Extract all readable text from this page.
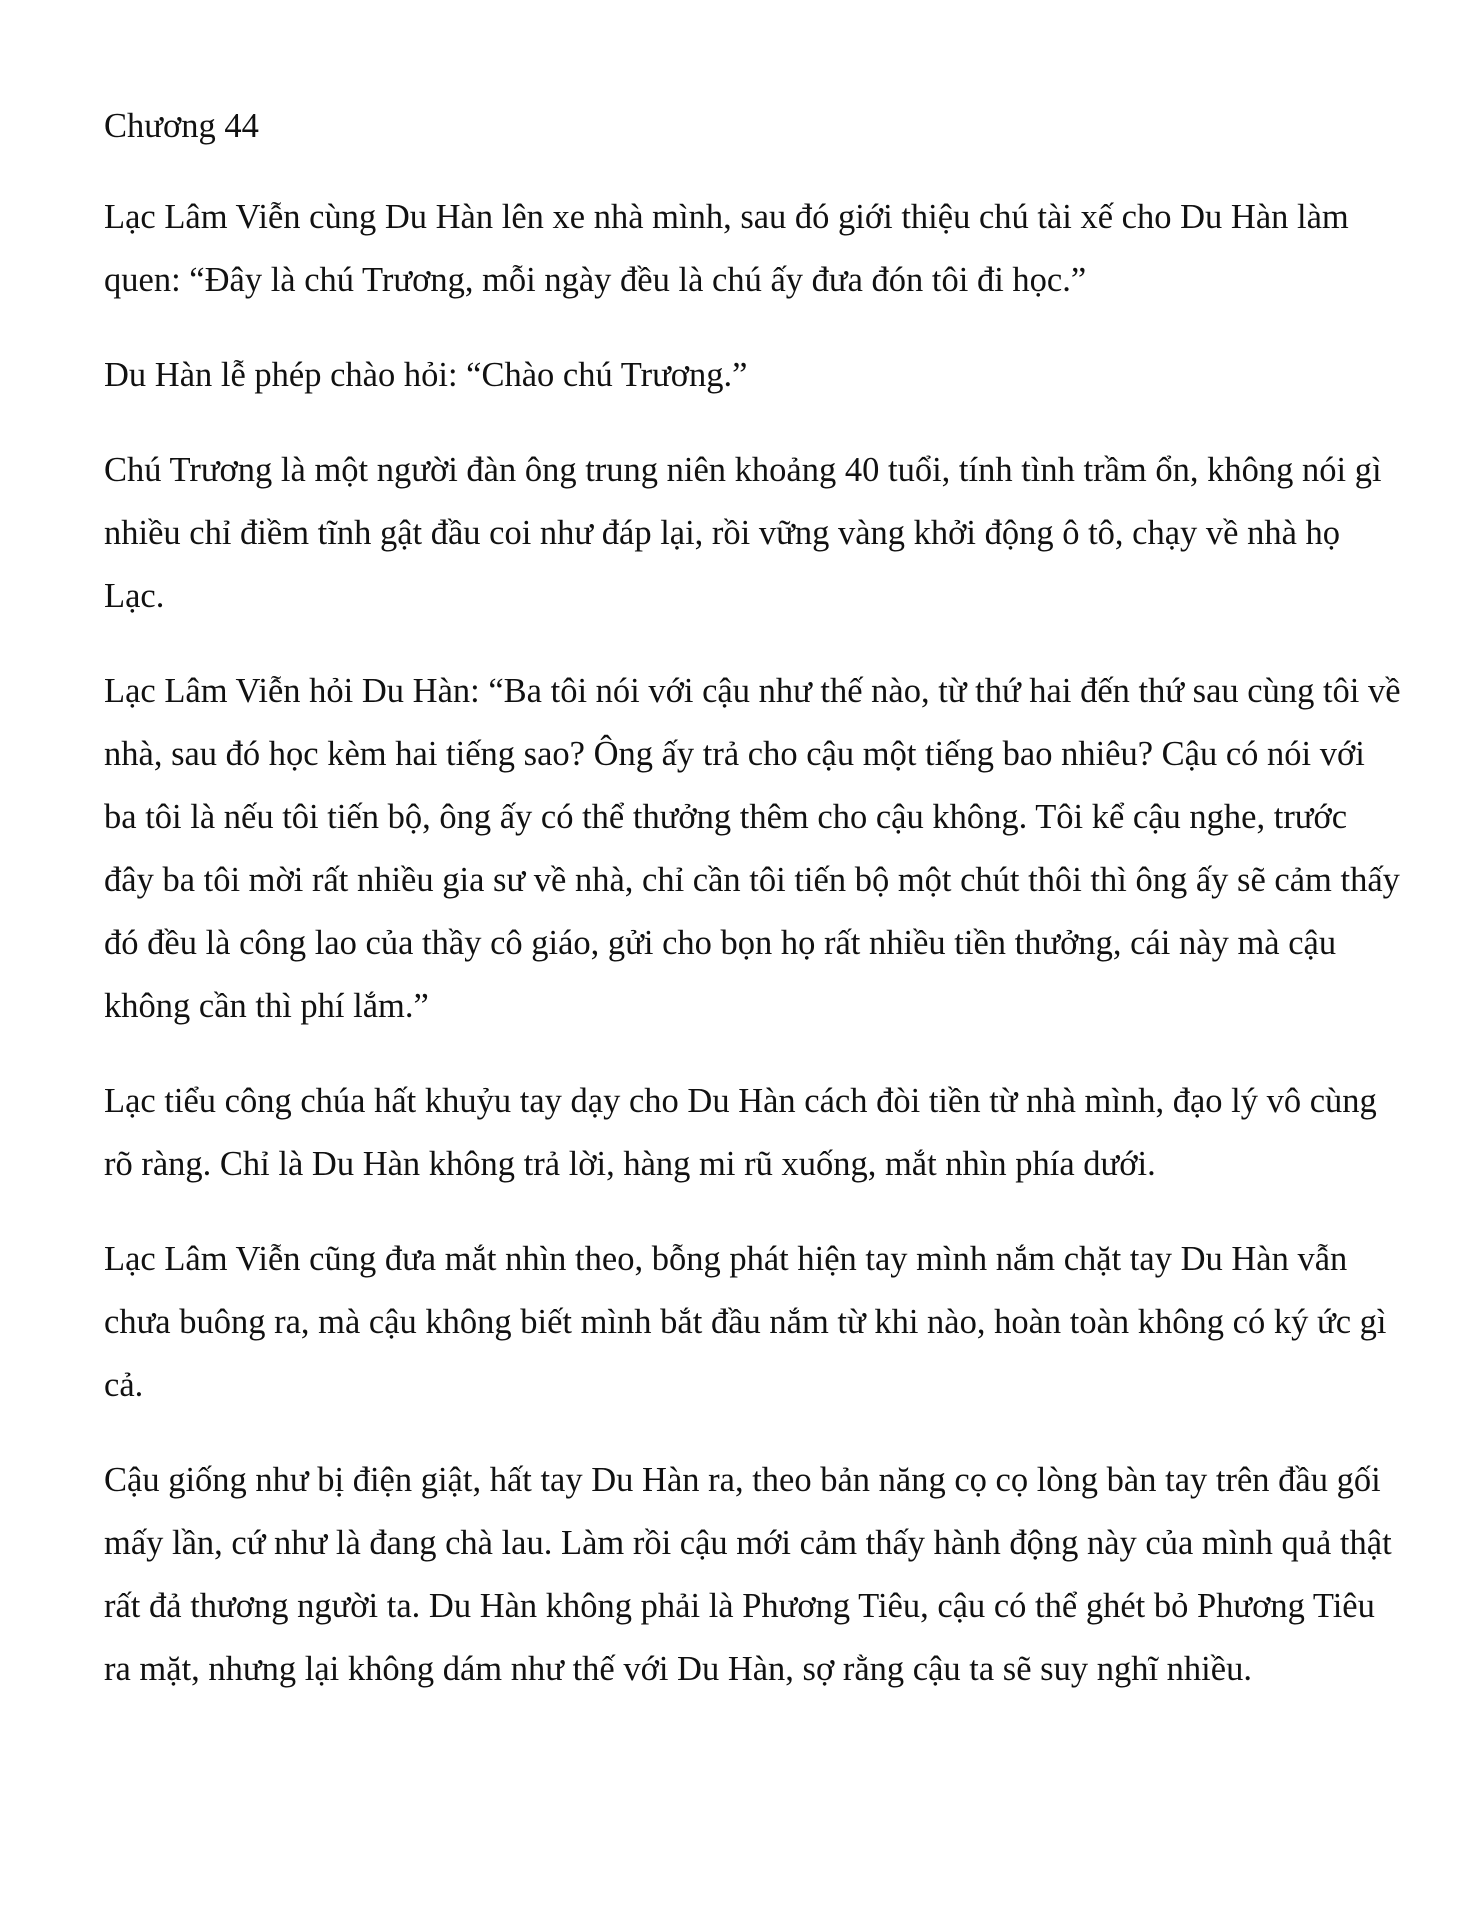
Chương 44

Lạc Lâm Viễn cùng Du Hàn lên xe nhà mình, sau đó giới thiệu chú tài xế cho Du Hàn làm quen: “Đây là chú Trương, mỗi ngày đều là chú ấy đưa đón tôi đi học.”

Du Hàn lễ phép chào hỏi: “Chào chú Trương.”

Chú Trương là một người đàn ông trung niên khoảng 40 tuổi, tính tình trầm ổn, không nói gì nhiều chỉ điềm tĩnh gật đầu coi như đáp lại, rồi vững vàng khởi động ô tô, chạy về nhà họ Lạc.

Lạc Lâm Viễn hỏi Du Hàn: “Ba tôi nói với cậu như thế nào, từ thứ hai đến thứ sau cùng tôi về nhà, sau đó học kèm hai tiếng sao? Ông ấy trả cho cậu một tiếng bao nhiêu? Cậu có nói với ba tôi là nếu tôi tiến bộ, ông ấy có thể thưởng thêm cho cậu không. Tôi kể cậu nghe, trước đây ba tôi mời rất nhiều gia sư về nhà, chỉ cần tôi tiến bộ một chút thôi thì ông ấy sẽ cảm thấy đó đều là công lao của thầy cô giáo, gửi cho bọn họ rất nhiều tiền thưởng, cái này mà cậu không cần thì phí lắm.”

Lạc tiểu công chúa hất khuỷu tay dạy cho Du Hàn cách đòi tiền từ nhà mình, đạo lý vô cùng rõ ràng. Chỉ là Du Hàn không trả lời, hàng mi rũ xuống, mắt nhìn phía dưới.

Lạc Lâm Viễn cũng đưa mắt nhìn theo, bỗng phát hiện tay mình nắm chặt tay Du Hàn vẫn chưa buông ra, mà cậu không biết mình bắt đầu nắm từ khi nào, hoàn toàn không có ký ức gì cả.

Cậu giống như bị điện giật, hất tay Du Hàn ra, theo bản năng cọ cọ lòng bàn tay trên đầu gối mấy lần, cứ như là đang chà lau. Làm rồi cậu mới cảm thấy hành động này của mình quả thật rất đả thương người ta. Du Hàn không phải là Phương Tiêu, cậu có thể ghét bỏ Phương Tiêu ra mặt, nhưng lại không dám như thế với Du Hàn, sợ rằng cậu ta sẽ suy nghĩ nhiều.
